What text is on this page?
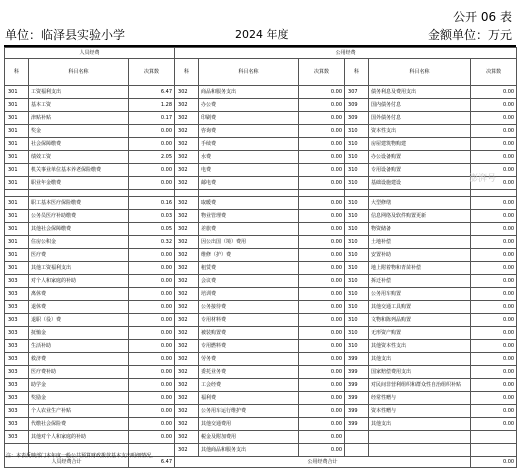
公开 06 表
单位：临泽县实验小学	2024 年度	金额单位：万元
人员经费			公用经费					
科	科目名称	决算数	科	科目名称	决算数	科	科目名称	决算数
301	工资福利支出	6.47	302	商品和服务支出	0.00	307	债务利息及费用支出	0.00
301	基本工资	1.28	302	办公费	0.00	309	国内债务付息	0.00
301	津贴补贴	0.17	302	印刷费	0.00	309	国外债务付息	0.00
301	奖金	0.00	302	咨询费	0.00	310	资本性支出	0.00
301	社会保障缴费	0.00	302	手续费	0.00	310	房屋建筑物购建	0.00
301	绩效工资	2.05	302	水费	0.00	310	办公设备购置	0.00
301	机关事业单位基本养老保险缴费	0.00	302	电费	0.00	310	专用设备购置	0.00
301	职业年金缴费	0.00	302	邮电费	0.00	310	基础设施建设	0.00

301	职工基本医疗保险缴费	0.16	302	取暖费	0.00	310	大型修缮	0.00
301	公务员医疗补助缴费	0.03	302	物业管理费	0.00	310	信息网络及软件购置更新	0.00
301	其他社会保障缴费	0.05	302	差旅费	0.00	310	物资储备	0.00
301	住房公积金	0.32	302	因公出国（境）费用	0.00	310	土地补偿	0.00
301	医疗费	0.00	302	维修（护）费	0.00	310	安置补助	0.00
301	其他工资福利支出	0.00	302	租赁费	0.00	310	地上附着物和青苗补偿	0.00
303	对个人和家庭的补助	0.00	302	会议费	0.00	310	拆迁补偿	0.00
303	离休费	0.00	302	培训费	0.00	310	公务用车购置	0.00
303	退休费	0.00	302	公务接待费	0.00	310	其他交通工具购置	0.00
303	退职（役）费	0.00	302	专用材料费	0.00	310	文物和陈列品购置	0.00
303	抚恤金	0.00	302	被装购置费	0.00	310	无形资产购置	0.00
303	生活补助	0.00	302	专用燃料费	0.00	310	其他资本性支出	0.00
303	救济费	0.00	302	劳务费	0.00	399	其他支出	0.00
303	医疗费补助	0.00	302	委托业务费	0.00	399	国家赔偿费用支出	0.00
303	助学金	0.00	302	工会经费	0.00	399	对民间非营利组织和群众性自治组织补贴	0.00
303	奖励金	0.00	302	福利费	0.00	399	经常性赠与	0.00
303	个人农业生产补贴	0.00	302	公务用车运行维护费	0.00	399	资本性赠与	0.00
303	代缴社会保险费	0.00	302	其他交通费用	0.00	399	其他支出	0.00
303	其他对个人和家庭的补助	0.00	302	税金及附加费用	0.00			
			302	其他商品和服务支出	0.00			
人员经费合计		6.47	公用经费合计					0.00
注：本表反映部门本年度一般公共预算财政拨款基本支出明细情况。
澎湃号
